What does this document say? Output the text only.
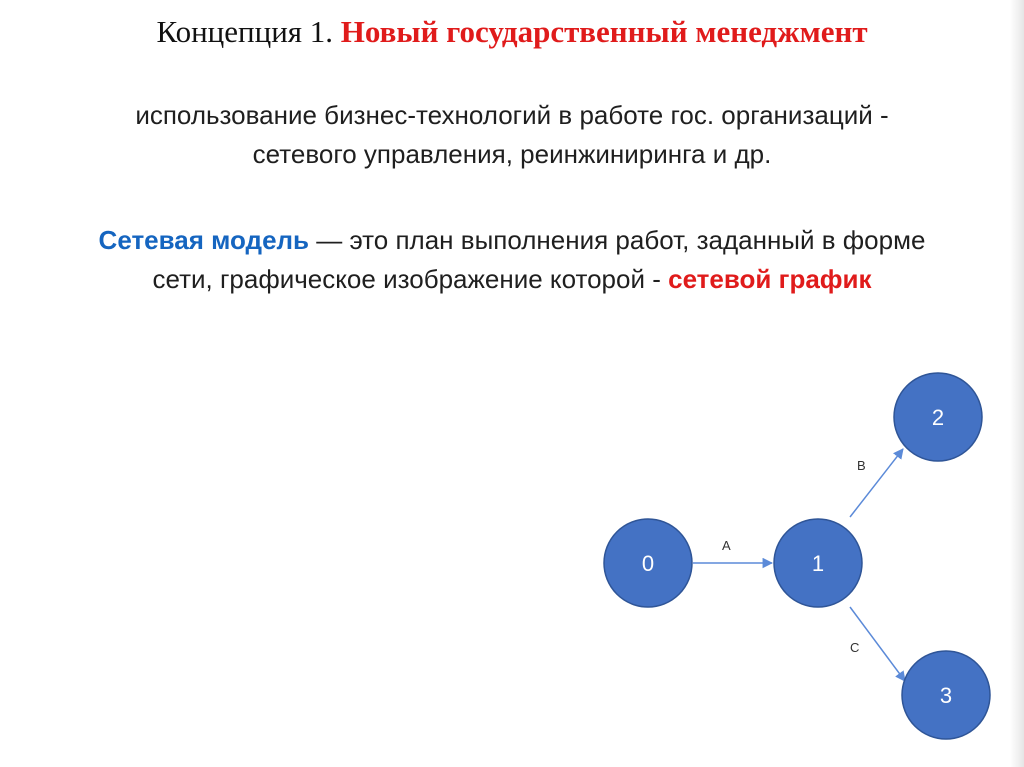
Концепция 1. Новый государственный менеджмент

использование бизнес-технологий в работе гос. организаций -
сетевого управления, реинжиниринга и др.

Сетевая модель — это план выполнения работ, заданный в форме
сети, графическое изображение которой - сетевой график

A
B
C
0	1
2
3
